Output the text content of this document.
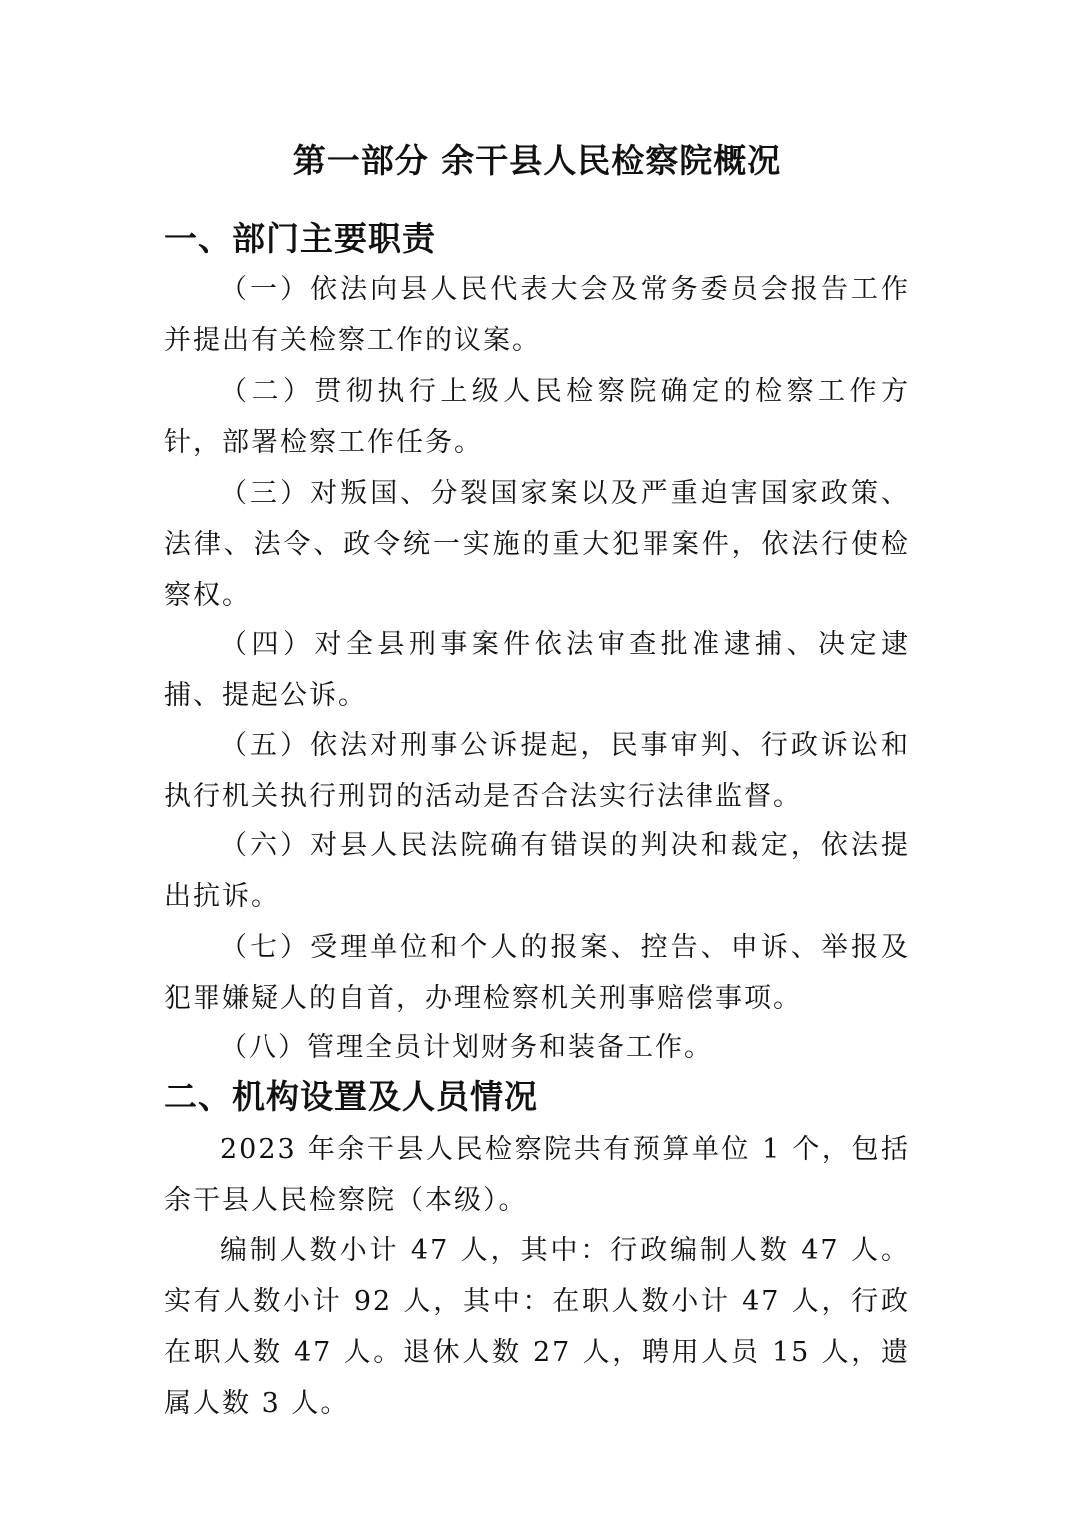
第一部分 余干县人民检察院概况
一、部门主要职责
（一）依法向县人民代表大会及常务委员会报告工作并提出有关检察工作的议案。
（二）贯彻执行上级人民检察院确定的检察工作方针，部署检察工作任务。
（三）对叛国、分裂国家案以及严重迫害国家政策、法律、法令、政令统一实施的重大犯罪案件，依法行使检察权。
（四）对全县刑事案件依法审查批准逮捕、决定逮捕、提起公诉。
（五）依法对刑事公诉提起，民事审判、行政诉讼和执行机关执行刑罚的活动是否合法实行法律监督。
（六）对县人民法院确有错误的判决和裁定，依法提出抗诉。
（七）受理单位和个人的报案、控告、申诉、举报及犯罪嫌疑人的自首，办理检察机关刑事赔偿事项。
（八）管理全员计划财务和装备工作。
二、机构设置及人员情况
2023 年余干县人民检察院共有预算单位 1 个，包括余干县人民检察院（本级）。
编制人数小计 47 人，其中：行政编制人数 47 人。实有人数小计 92 人，其中：在职人数小计 47 人，行政在职人数 47 人。退休人数 27 人，聘用人员 15 人，遗属人数 3 人。
